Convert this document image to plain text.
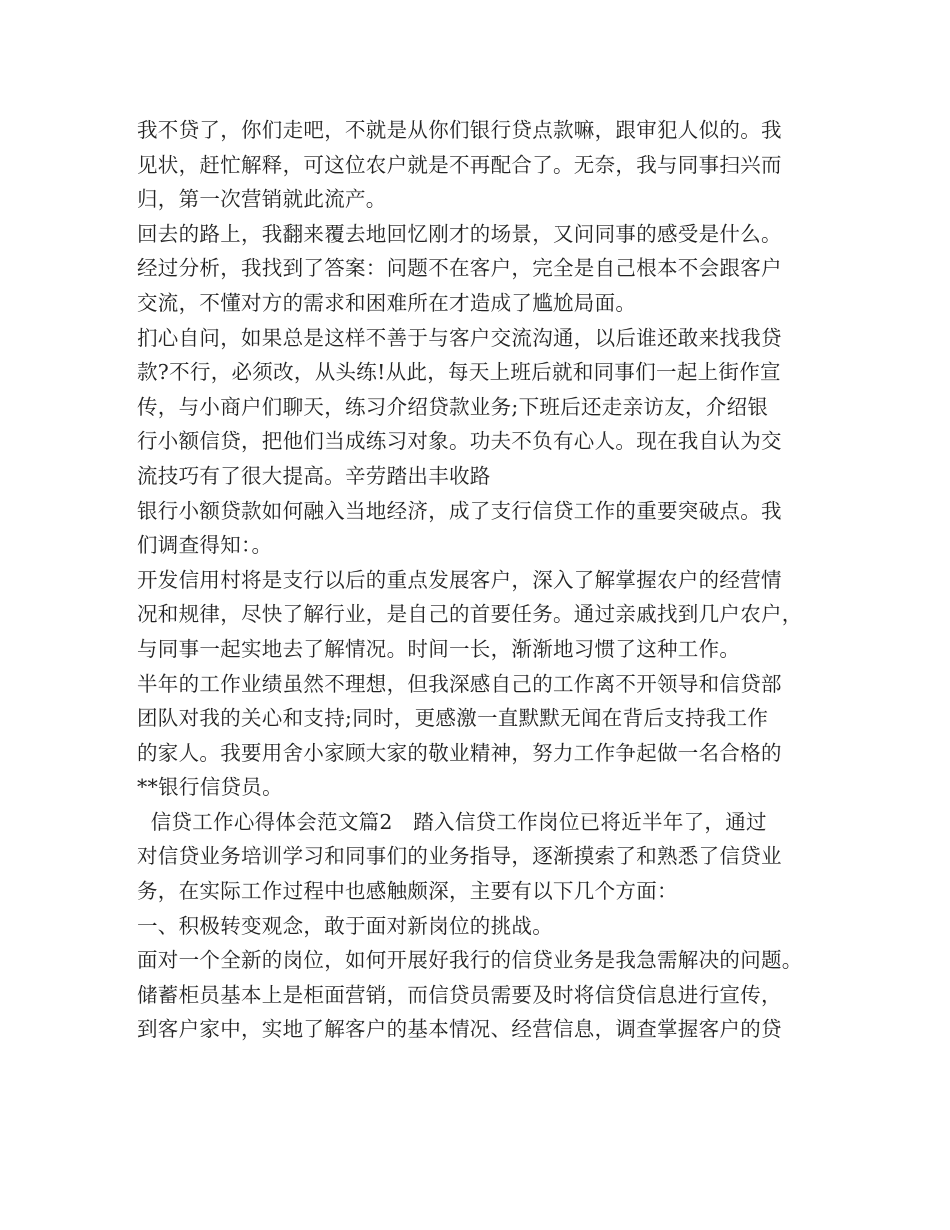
我不贷了，你们走吧，不就是从你们银行贷点款嘛，跟审犯人似的。我
见状，赶忙解释，可这位农户就是不再配合了。无奈，我与同事扫兴而
归，第一次营销就此流产。
回去的路上，我翻来覆去地回忆刚才的场景，又问同事的感受是什么。
经过分析，我找到了答案：问题不在客户，完全是自己根本不会跟客户
交流，不懂对方的需求和困难所在才造成了尴尬局面。
扪心自问，如果总是这样不善于与客户交流沟通，以后谁还敢来找我贷
款?不行，必须改，从头练!从此，每天上班后就和同事们一起上街作宣
传，与小商户们聊天，练习介绍贷款业务;下班后还走亲访友，介绍银
行小额信贷，把他们当成练习对象。功夫不负有心人。现在我自认为交
流技巧有了很大提高。辛劳踏出丰收路
银行小额贷款如何融入当地经济，成了支行信贷工作的重要突破点。我
们调查得知：。
开发信用村将是支行以后的重点发展客户，深入了解掌握农户的经营情
况和规律，尽快了解行业，是自己的首要任务。通过亲戚找到几户农户，
与同事一起实地去了解情况。时间一长，渐渐地习惯了这种工作。
半年的工作业绩虽然不理想，但我深感自己的工作离不开领导和信贷部
团队对我的关心和支持;同时，更感激一直默默无闻在背后支持我工作
的家人。我要用舍小家顾大家的敬业精神，努力工作争起做一名合格的
**银行信贷员。
信贷工作心得体会范文篇2   踏入信贷工作岗位已将近半年了，通过
对信贷业务培训学习和同事们的业务指导，逐渐摸索了和熟悉了信贷业
务，在实际工作过程中也感触颇深，主要有以下几个方面：
一、积极转变观念，敢于面对新岗位的挑战。
面对一个全新的岗位，如何开展好我行的信贷业务是我急需解决的问题。
储蓄柜员基本上是柜面营销，而信贷员需要及时将信贷信息进行宣传，
到客户家中，实地了解客户的基本情况、经营信息，调查掌握客户的贷
